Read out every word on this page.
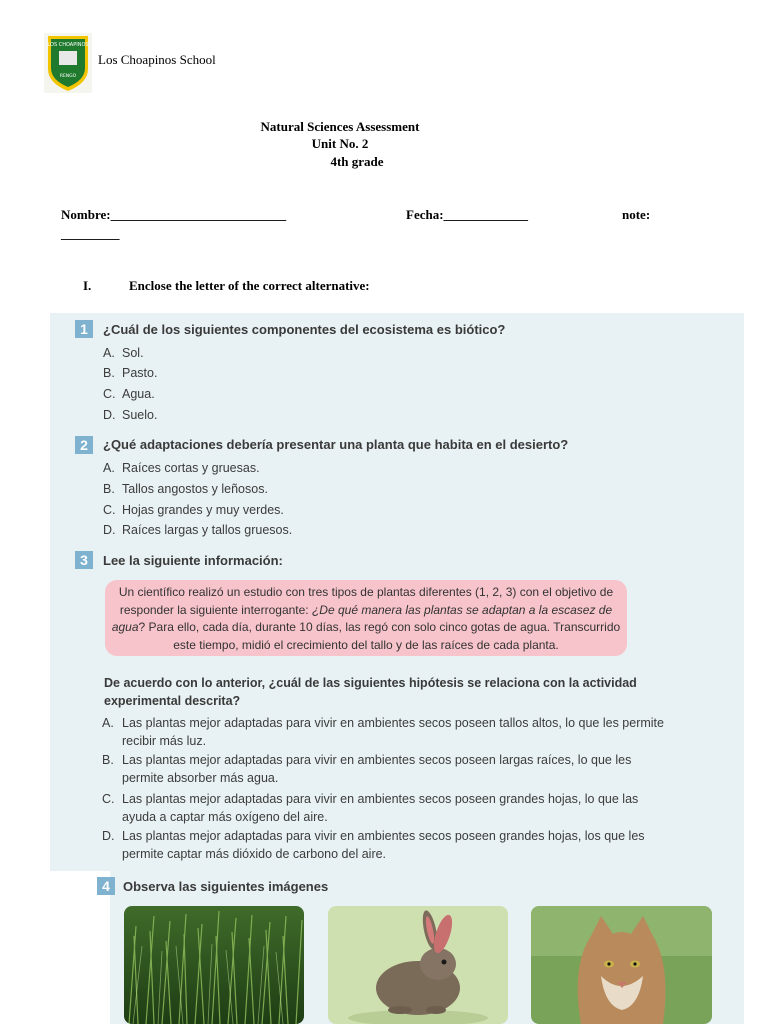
LOS CHOAPINOS
RENGO
Los Choapinos School
Natural Sciences Assessment
Unit No. 2
4th grade
Nombre:___________________________	Fecha:_____________	note:
_________
I.	Enclose the letter of the correct alternative:
1	¿Cuál de los siguientes componentes del ecosistema es biótico?
A. Sol.
B. Pasto.
C. Agua.
D. Suelo.
2	¿Qué adaptaciones debería presentar una planta que habita en el desierto?
A. Raíces cortas y gruesas.
B. Tallos angostos y leñosos.
C. Hojas grandes y muy verdes.
D. Raíces largas y tallos gruesos.
3	Lee la siguiente información:
Un científico realizó un estudio con tres tipos de plantas diferentes (1, 2, 3) con el objetivo de responder la siguiente interrogante: ¿De qué manera las plantas se adaptan a la escasez de agua? Para ello, cada día, durante 10 días, las regó con solo cinco gotas de agua. Transcurrido este tiempo, midió el crecimiento del tallo y de las raíces de cada planta.
De acuerdo con lo anterior, ¿cuál de las siguientes hipótesis se relaciona con la actividad experimental descrita?
A. Las plantas mejor adaptadas para vivir en ambientes secos poseen tallos altos, lo que les permite recibir más luz.
B. Las plantas mejor adaptadas para vivir en ambientes secos poseen largas raíces, lo que les permite absorber más agua.
C. Las plantas mejor adaptadas para vivir en ambientes secos poseen grandes hojas, lo que las ayuda a captar más oxígeno del aire.
D. Las plantas mejor adaptadas para vivir en ambientes secos poseen grandes hojas, los que les permite captar más dióxido de carbono del aire.
4	Observa las siguientes imágenes
